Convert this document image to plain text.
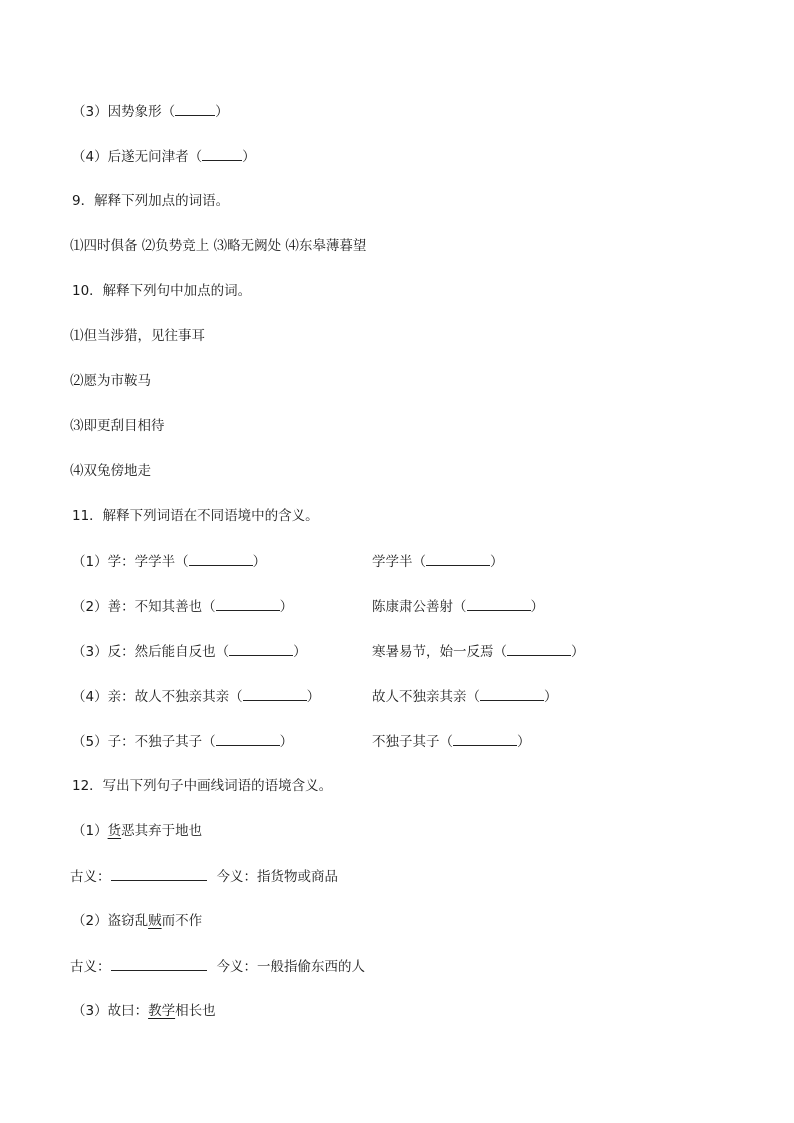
（3）因势象形（	）
（4）后遂无问津者（	）
9．解释下列加点的词语。
⑴四时俱备 ⑵负势竞上 ⑶略无阙处 ⑷东皋薄暮望
10．解释下列句中加点的词。
⑴但当涉猎，见往事耳
⑵愿为市鞍马
⑶即更刮目相待
⑷双兔傍地走
11．解释下列词语在不同语境中的含义。
（1）学：学学半（	）	学学半（	）
（2）善：不知其善也（	）	陈康肃公善射（	）
（3）反：然后能自反也（	）	寒暑易节，始一反焉（	）
（4）亲：故人不独亲其亲（	）	故人不独亲其亲（	）
（5）子：不独子其子（	）	不独子其子（	）
12．写出下列句子中画线词语的语境含义。
（1）货恶其弃于地也
古义：	今义：指货物或商品
（2）盗窃乱贼而不作
古义：	今义：一般指偷东西的人
（3）故曰：教学相长也
